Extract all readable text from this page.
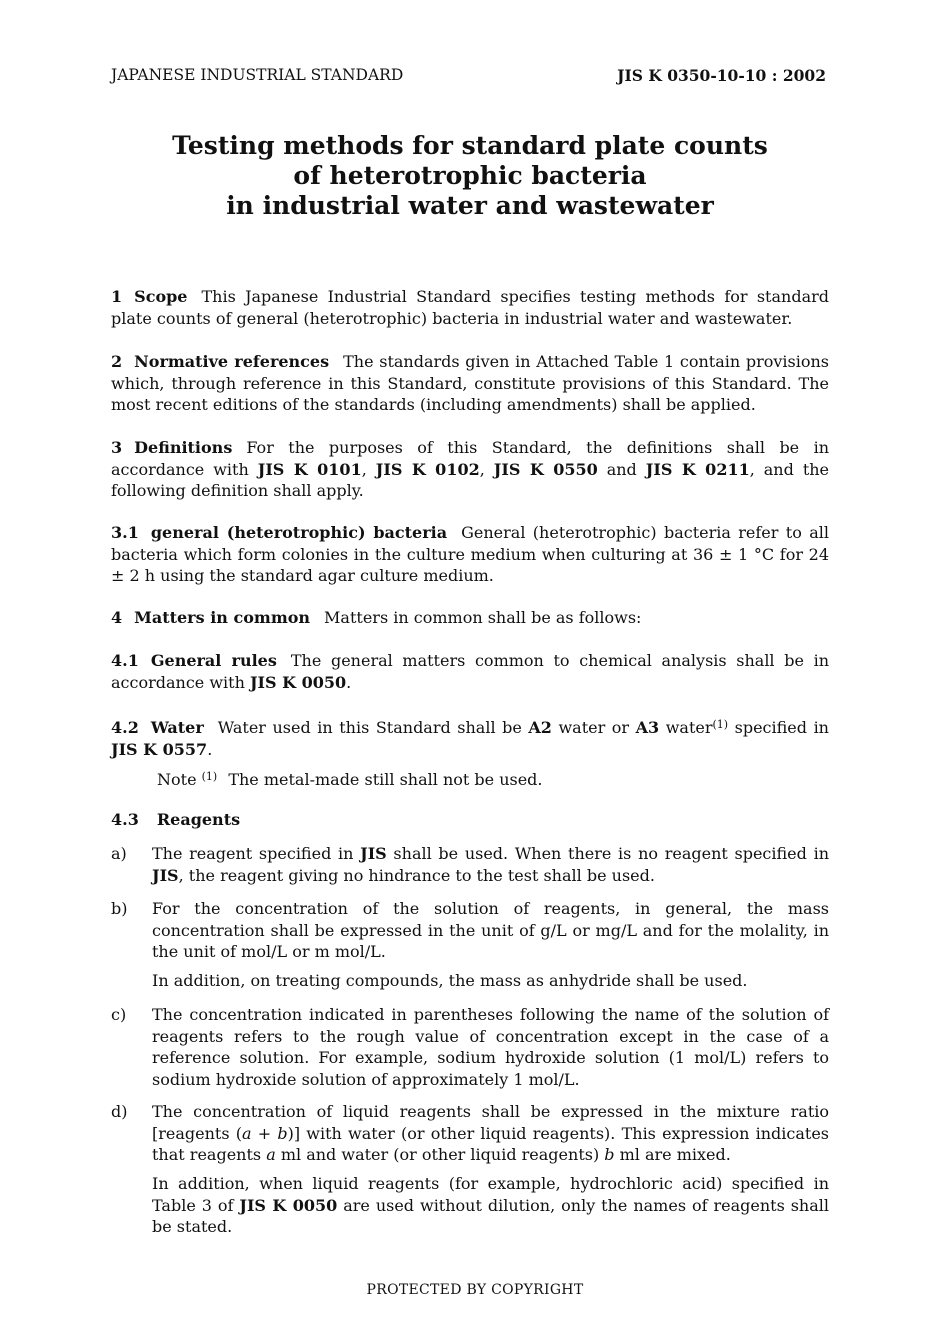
JAPANESE INDUSTRIAL STANDARD	JIS K 0350-10-10 : 2002
Testing methods for standard plate counts
of heterotrophic bacteria
in industrial water and wastewater

1 Scope This Japanese Industrial Standard specifies testing methods for standard plate counts of general (heterotrophic) bacteria in industrial water and wastewater.

2 Normative references The standards given in Attached Table 1 contain provisions which, through reference in this Standard, constitute provisions of this Standard. The most recent editions of the standards (including amendments) shall be applied.

3 Definitions For the purposes of this Standard, the definitions shall be in accordance with JIS K 0101, JIS K 0102, JIS K 0550 and JIS K 0211, and the following definition shall apply.

3.1 general (heterotrophic) bacteria General (heterotrophic) bacteria refer to all bacteria which form colonies in the culture medium when culturing at 36 ± 1 °C for 24 ± 2 h using the standard agar culture medium.

4 Matters in common Matters in common shall be as follows:

4.1 General rules The general matters common to chemical analysis shall be in accordance with JIS K 0050.

4.2 Water Water used in this Standard shall be A2 water or A3 water$^{(1)}$ specified in JIS K 0557.

Note $^{(1)}$ The metal-made still shall not be used.

4.3 Reagents

a) The reagent specified in JIS shall be used. When there is no reagent specified in JIS, the reagent giving no hindrance to the test shall be used.
b) For the concentration of the solution of reagents, in general, the mass concentration shall be expressed in the unit of g/L or mg/L and for the molality, in the unit of mol/L or m mol/L.
In addition, on treating compounds, the mass as anhydride shall be used.
c) The concentration indicated in parentheses following the name of the solution of reagents refers to the rough value of concentration except in the case of a reference solution. For example, sodium hydroxide solution (1 mol/L) refers to sodium hydroxide solution of approximately 1 mol/L.
d) The concentration of liquid reagents shall be expressed in the mixture ratio [reagents (a + b)] with water (or other liquid reagents). This expression indicates that reagents a ml and water (or other liquid reagents) b ml are mixed.
In addition, when liquid reagents (for example, hydrochloric acid) specified in Table 3 of JIS K 0050 are used without dilution, only the names of reagents shall be stated.
PROTECTED BY COPYRIGHT
